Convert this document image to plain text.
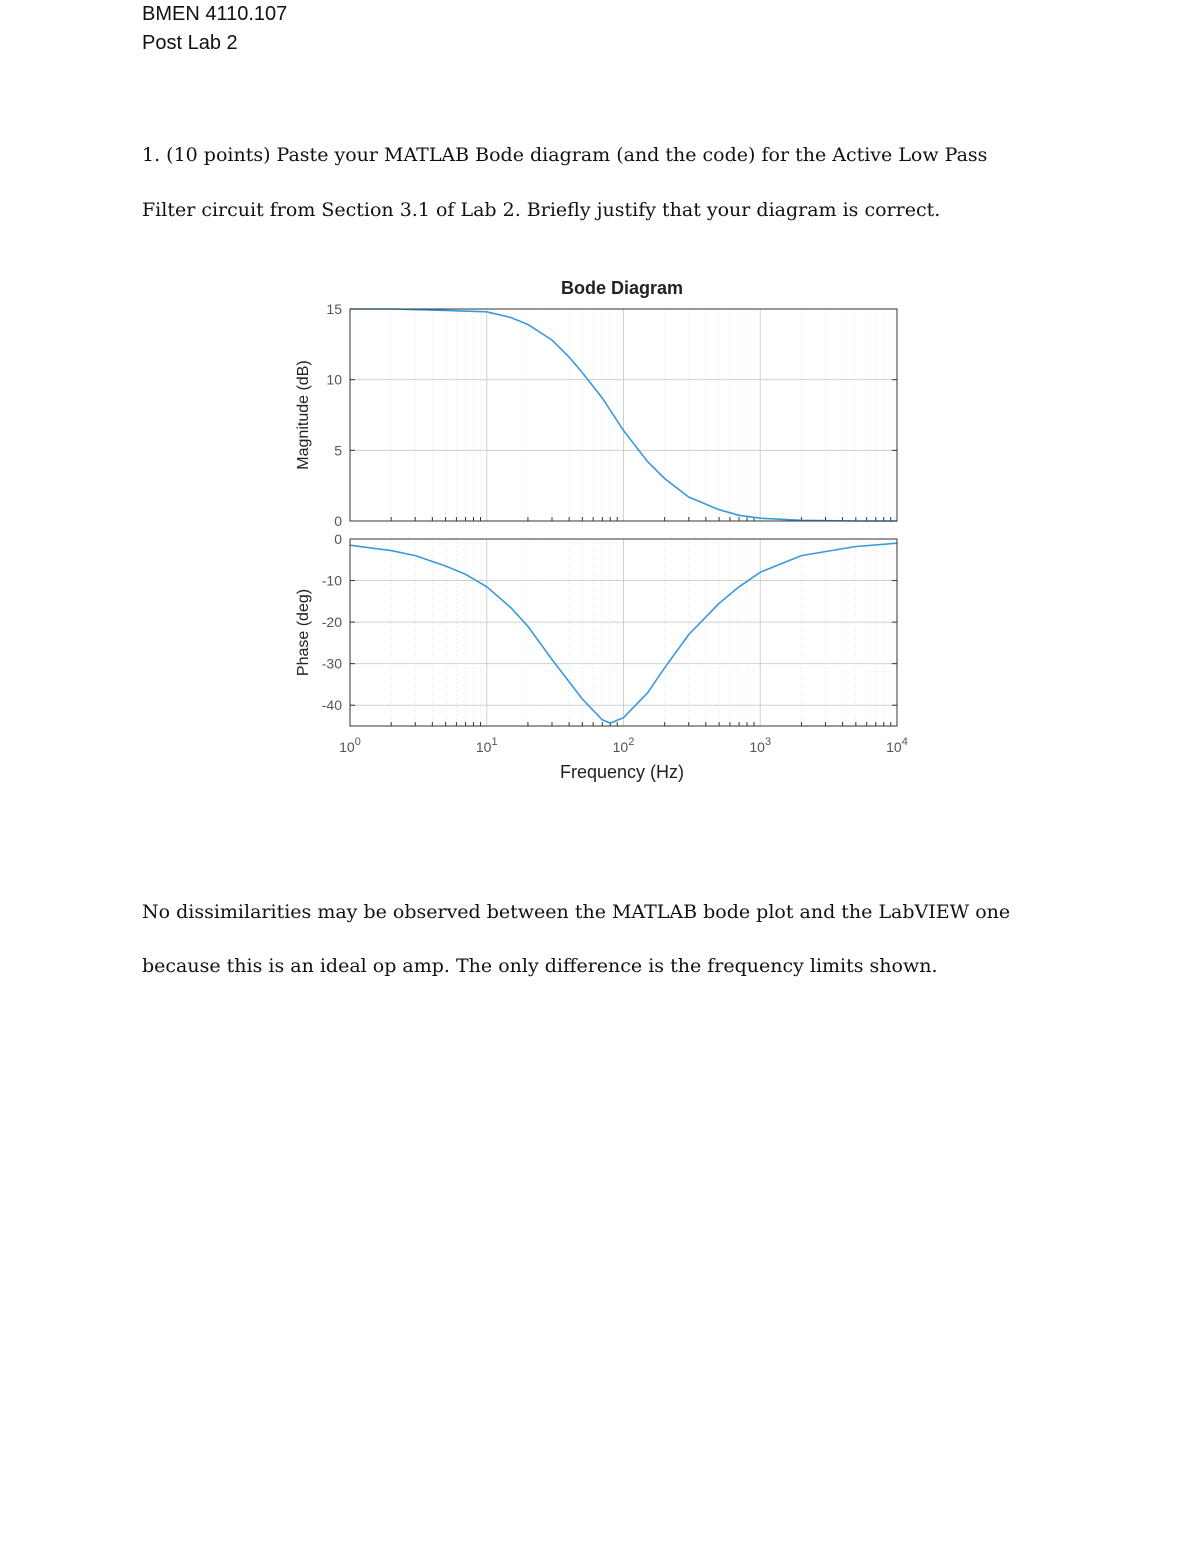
BMEN 4110.107
Post Lab 2
1. (10 points) Paste your MATLAB Bode diagram (and the code) for the Active Low Pass
Filter circuit from Section 3.1 of Lab 2. Briefly justify that your diagram is correct.
Bode Diagram
Frequency (Hz)
0
5
10
15
Magnitude (dB)
-40
-30
-20
-10
0
Phase (deg)
$10^0$	$10^1$	$10^2$	$10^3$	$10^4$
No dissimilarities may be observed between the MATLAB bode plot and the LabVIEW one
because this is an ideal op amp. The only difference is the frequency limits shown.
